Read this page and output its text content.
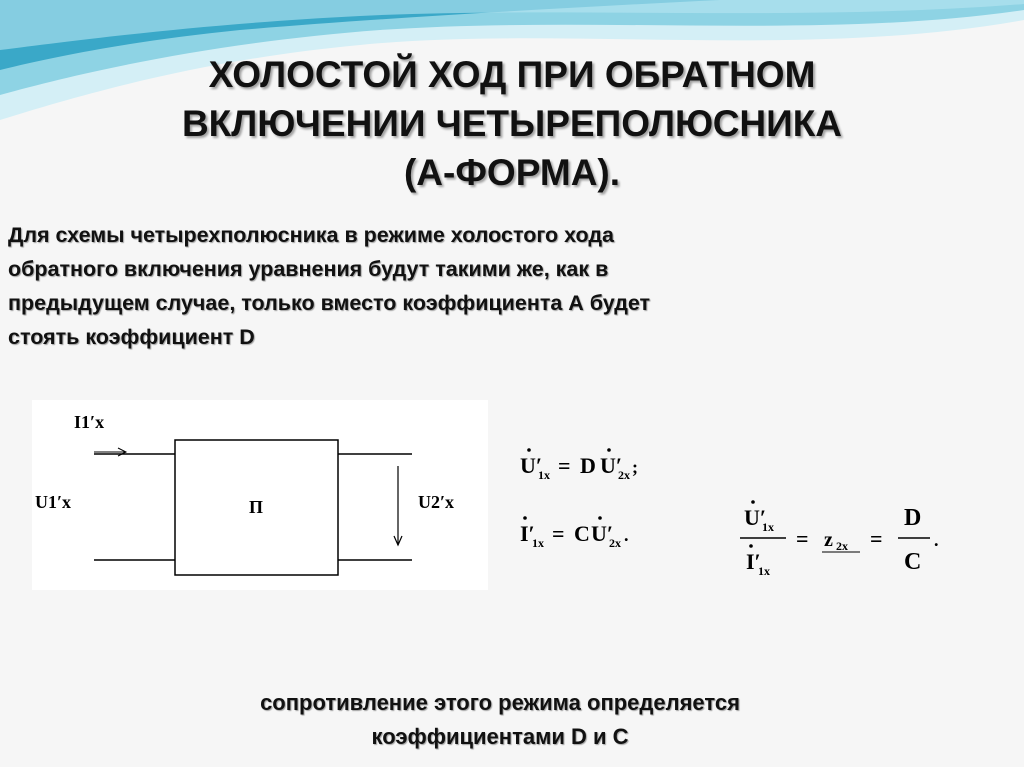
ХОЛОСТОЙ ХОД ПРИ ОБРАТНОМ
ВКЛЮЧЕНИИ ЧЕТЫРЕПОЛЮСНИКА
(А-ФОРМА).
Для схемы четырехполюсника в режиме холостого хода
обратного включения уравнения будут такими же, как в
предыдущем случае, только вместо коэффициента А будет
стоять коэффициент D
П
I1′x
U1′x	U2′x
U′
1x = D U′
2x ;
I′
1x = C U′
2x .
U′
1x
I′
1x
= z 2x =
D
C
.
сопротивление этого режима определяется
коэффициентами D и С
